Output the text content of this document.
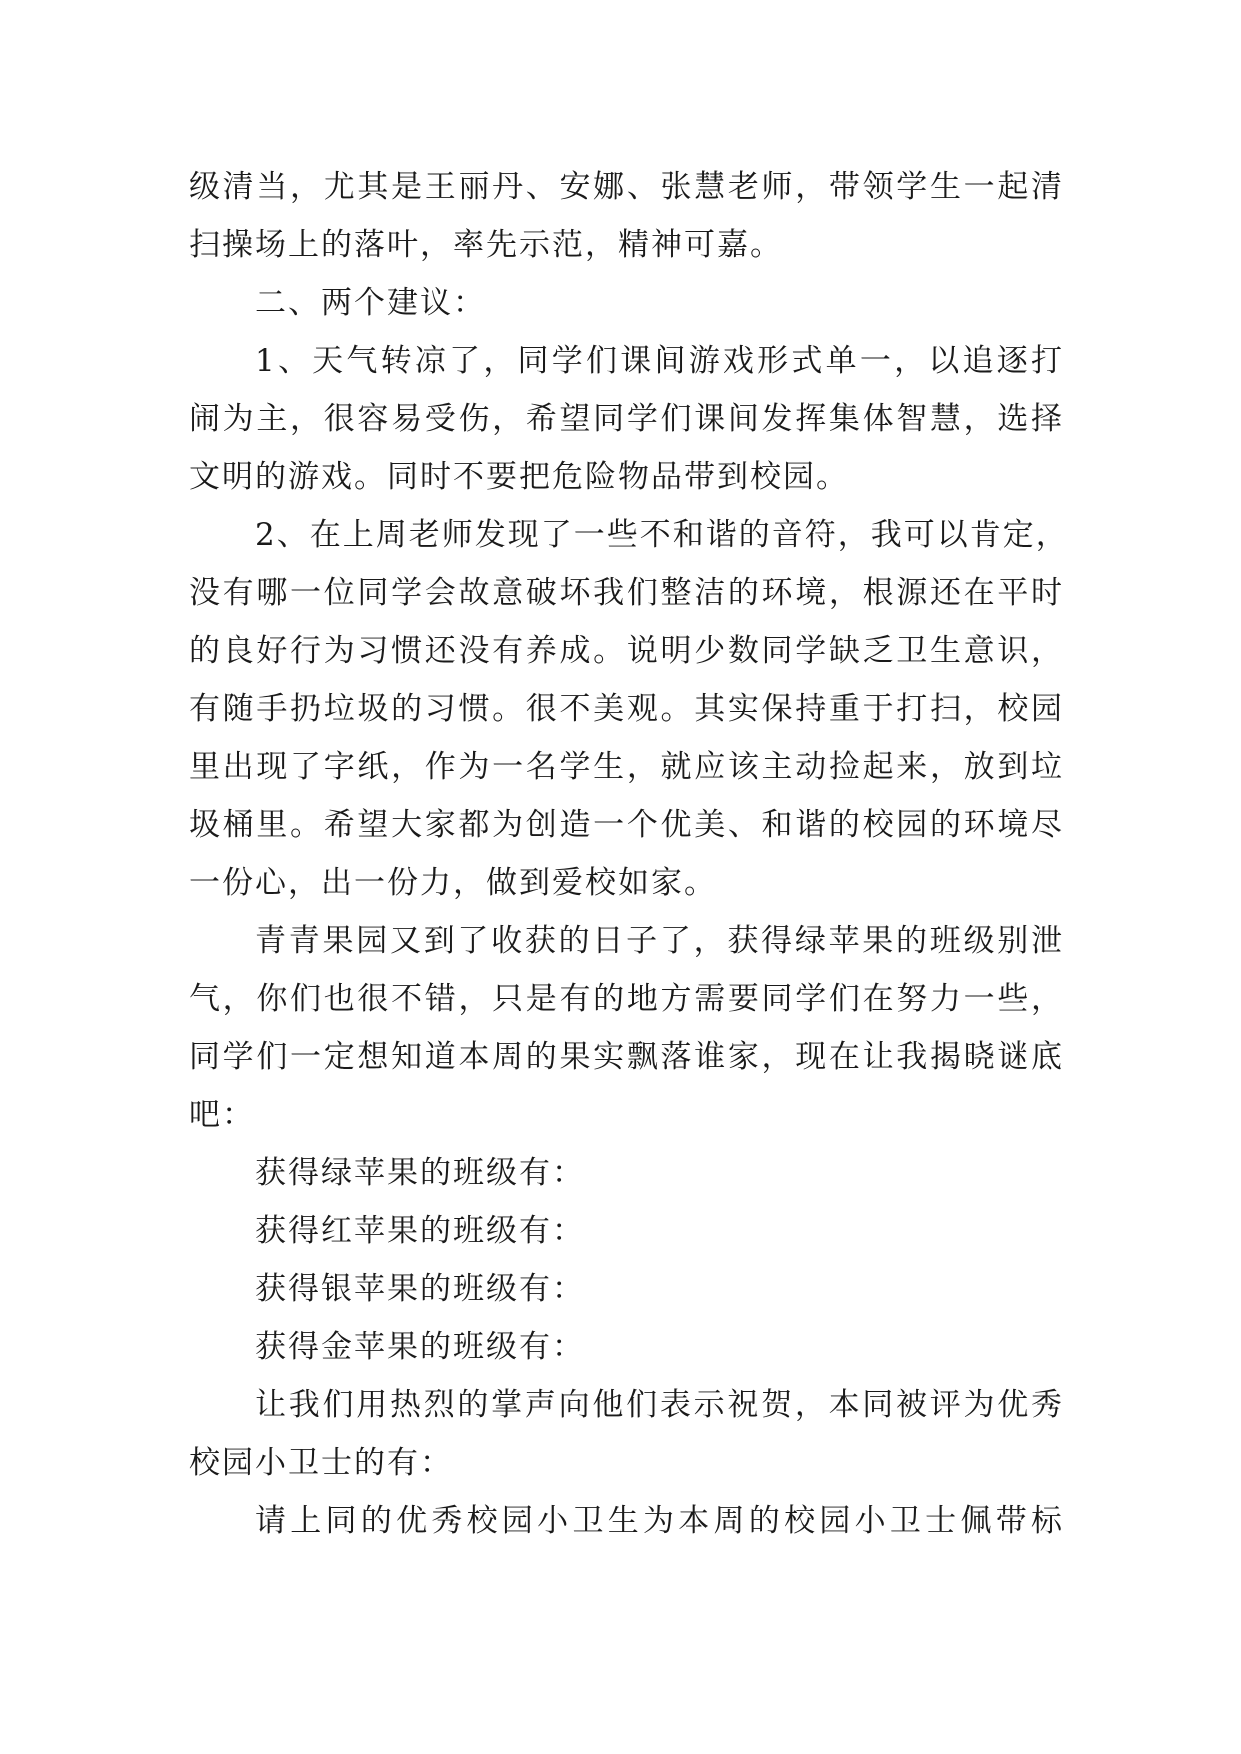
级清当，尤其是王丽丹、安娜、张慧老师，带领学生一起清
扫操场上的落叶，率先示范，精神可嘉。
二、两个建议：
1、天气转凉了，同学们课间游戏形式单一，以追逐打
闹为主，很容易受伤，希望同学们课间发挥集体智慧，选择
文明的游戏。同时不要把危险物品带到校园。
2、在上周老师发现了一些不和谐的音符，我可以肯定，
没有哪一位同学会故意破坏我们整洁的环境，根源还在平时
的良好行为习惯还没有养成。说明少数同学缺乏卫生意识，
有随手扔垃圾的习惯。很不美观。其实保持重于打扫，校园
里出现了字纸，作为一名学生，就应该主动捡起来，放到垃
圾桶里。希望大家都为创造一个优美、和谐的校园的环境尽
一份心，出一份力，做到爱校如家。
青青果园又到了收获的日子了，获得绿苹果的班级别泄
气，你们也很不错，只是有的地方需要同学们在努力一些，
同学们一定想知道本周的果实飘落谁家，现在让我揭晓谜底
吧：
获得绿苹果的班级有：
获得红苹果的班级有：
获得银苹果的班级有：
获得金苹果的班级有：
让我们用热烈的掌声向他们表示祝贺，本同被评为优秀
校园小卫士的有：
请上同的优秀校园小卫生为本周的校园小卫士佩带标
